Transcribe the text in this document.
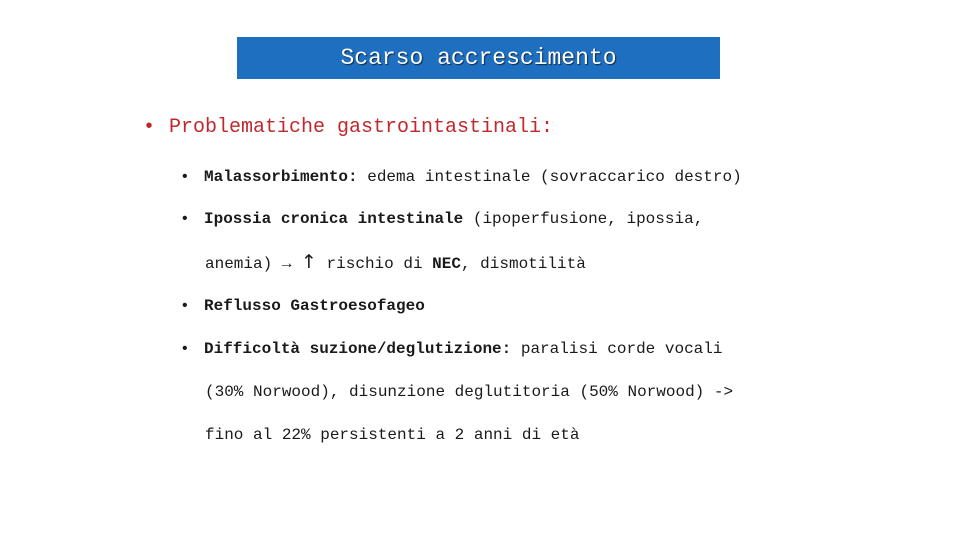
Scarso accrescimento
• Problematiche gastrointastinali:
• Malassorbimento: edema intestinale (sovraccarico destro)
• Ipossia cronica intestinale (ipoperfusione, ipossia,
anemia) → ↑ rischio di NEC, dismotilità
• Reflusso Gastroesofageo
• Difficoltà suzione/deglutizione: paralisi corde vocali
(30% Norwood), disunzione deglutitoria (50% Norwood) ->
fino al 22% persistenti a 2 anni di età
